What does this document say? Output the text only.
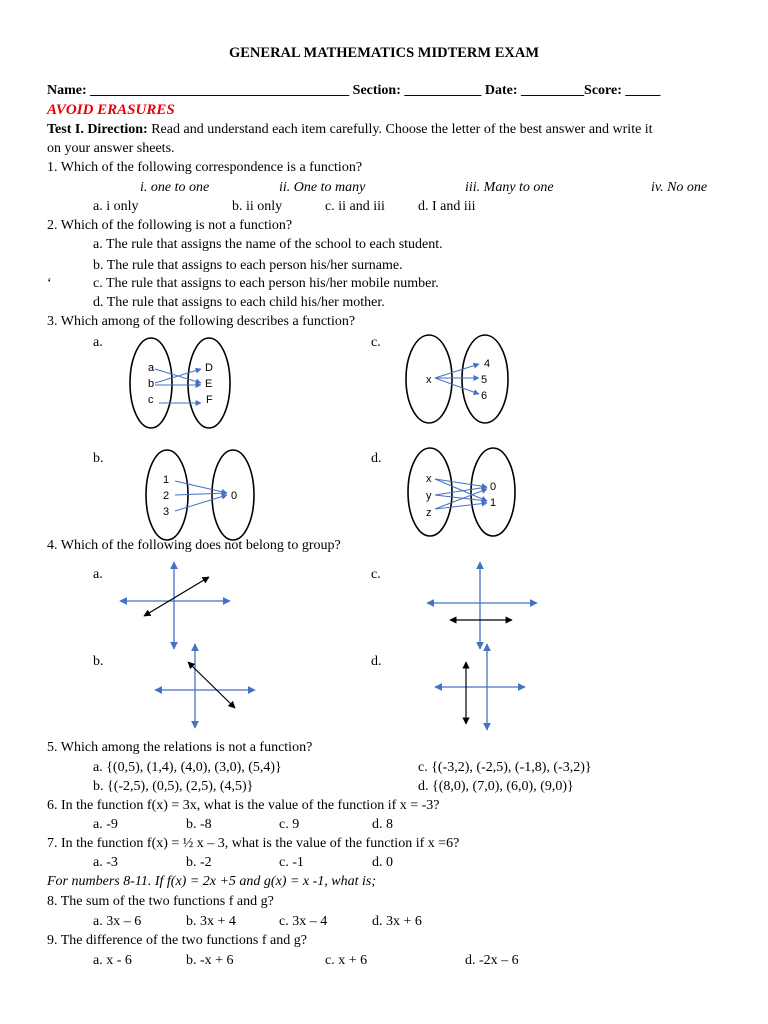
GENERAL MATHEMATICS MIDTERM EXAM
Name: _____________________________________ Section: ___________ Date: _________Score: _____
AVOID ERASURES
Test I. Direction: Read and understand each item carefully. Choose the letter of the best answer and write it
on your answer sheets.
1. Which of the following correspondence is a function?
i. one to one	ii. One to many	iii. Many to one	iv. No one
a. i only	b. ii only	c. ii and iii d. I and iii
2. Which of the following is not a function?
a. The rule that assigns the name of the school to each student.
b. The rule that assigns to each person his/her surname.
‘	c. The rule that assigns to each person his/her mobile number.
d. The rule that assigns to each child his/her mother.
3. Which among of the following describes a function?
a.	c.
b.	d.
a
b
c
D
E
F
x
4
5
6
1
2
3
0
x
y
z
0
1
4. Which of the following does not belong to group?
a.	c.
b.	d.
5. Which among the relations is not a function?
a. {(0,5), (1,4), (4,0), (3,0), (5,4)}	c. {(-3,2), (-2,5), (-1,8), (-3,2)}
b. {(-2,5), (0,5), (2,5), (4,5)}	d. {(8,0), (7,0), (6,0), (9,0)}
6. In the function f(x) = 3x, what is the value of the function if x = -3?
a. -9	b. -8	c. 9	d. 8
7. In the function f(x) = ½ x – 3, what is the value of the function if x =6?
a. -3	b. -2	c. -1	d. 0
For numbers 8-11. If f(x) = 2x +5 and g(x) = x -1, what is;
8. The sum of the two functions f and g?
a. 3x – 6	b. 3x + 4	c. 3x – 4	d. 3x + 6
9. The difference of the two functions f and g?
a. x - 6	b. -x + 6	c. x + 6	d. -2x – 6
